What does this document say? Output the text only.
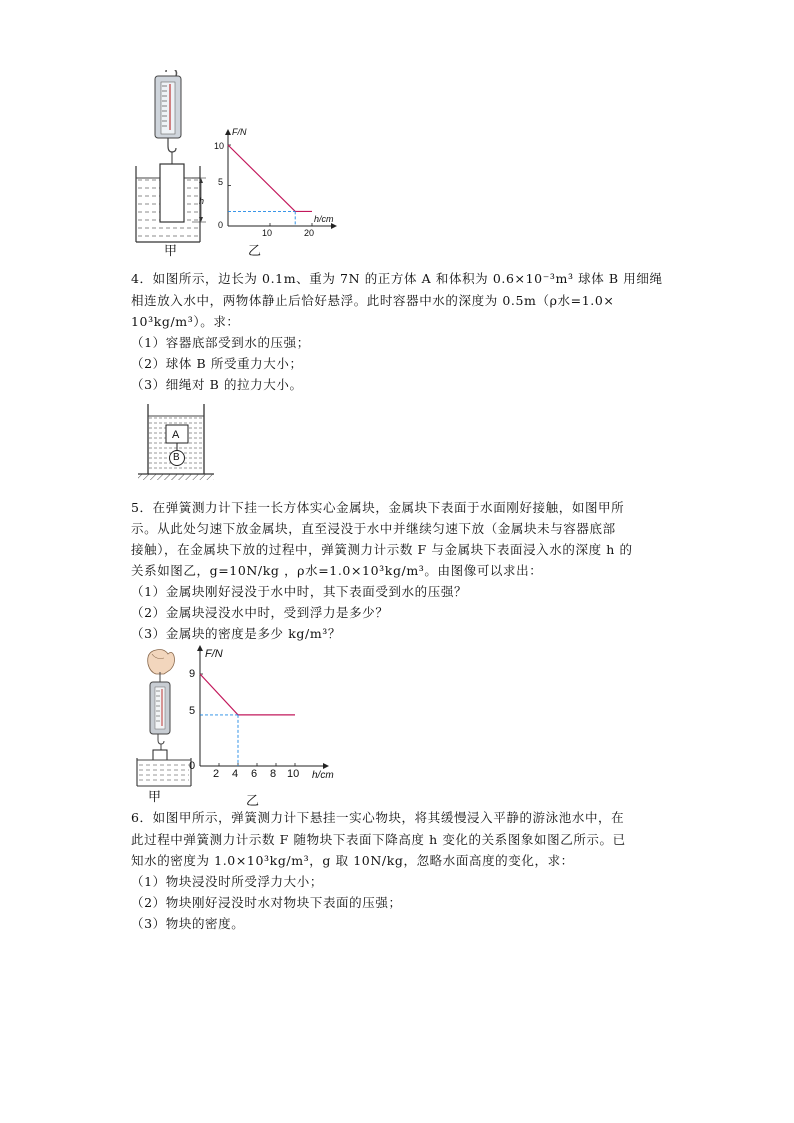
h
甲
F/N
h/cm
10
5
0
10	20
乙
4．如图所示，边长为 0.1m、重为 7N 的正方体 A 和体积为 0.6×10⁻³m³ 球体 B 用细绳
相连放入水中，两物体静止后恰好悬浮。此时容器中水的深度为 0.5m（ρ水=1.0×
10³kg/m³）。求：
（1）容器底部受到水的压强；
（2）球体 B 所受重力大小；
（3）细绳对 B 的拉力大小。
A
B
5．在弹簧测力计下挂一长方体实心金属块，金属块下表面于水面刚好接触，如图甲所
示。从此处匀速下放金属块，直至浸没于水中并继续匀速下放（金属块未与容器底部
接触），在金属块下放的过程中，弹簧测力计示数 F 与金属块下表面浸入水的深度 h 的
关系如图乙，g=10N/kg ，ρ水=1.0×10³kg/m³。由图像可以求出：
（1）金属块刚好浸没于水中时，其下表面受到水的压强？
（2）金属块浸没水中时，受到浮力是多少？
（3）金属块的密度是多少 kg/m³？
甲
F/N
h/cm
9
5
0
2 4 6 8 10
乙
6．如图甲所示，弹簧测力计下悬挂一实心物块，将其缓慢浸入平静的游泳池水中，在
此过程中弹簧测力计示数 F 随物块下表面下降高度 h 变化的关系图象如图乙所示。已
知水的密度为 1.0×10³kg/m³，g 取 10N/kg，忽略水面高度的变化，求：
（1）物块浸没时所受浮力大小；
（2）物块刚好浸没时水对物块下表面的压强；
（3）物块的密度。
